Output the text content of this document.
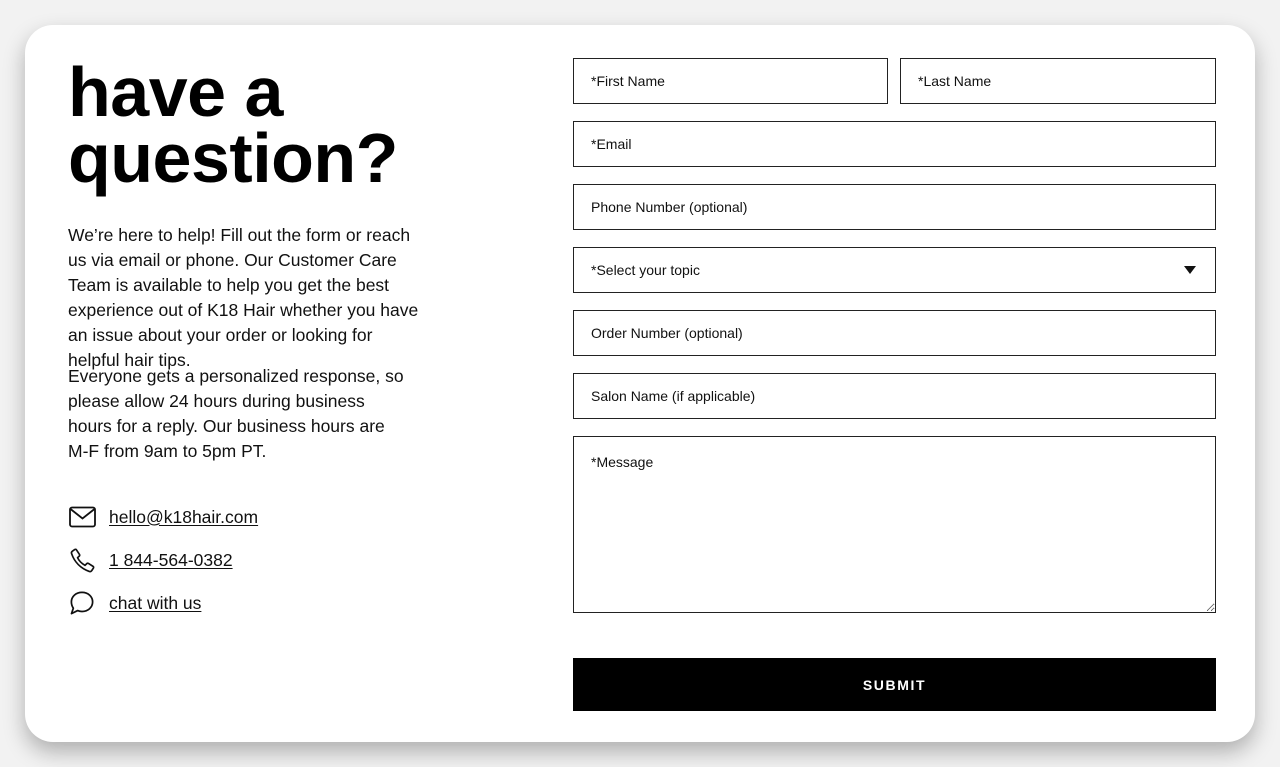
have a
question?

We’re here to help! Fill out the form or reach us via email or phone. Our Customer Care Team is available to help you get the best experience out of K18 Hair whether you have an issue about your order or looking for helpful hair tips.

Everyone gets a personalized response, so please allow 24 hours during business hours for a reply. Our business hours are M-F from 9am to 5pm PT.

hello@k18hair.com
1 844-564-0382
chat with us
*First Name
*Last Name
*Email
Phone Number (optional)
*Select your topic
Order Number (optional)
Salon Name (if applicable)
*Message
SUBMIT
